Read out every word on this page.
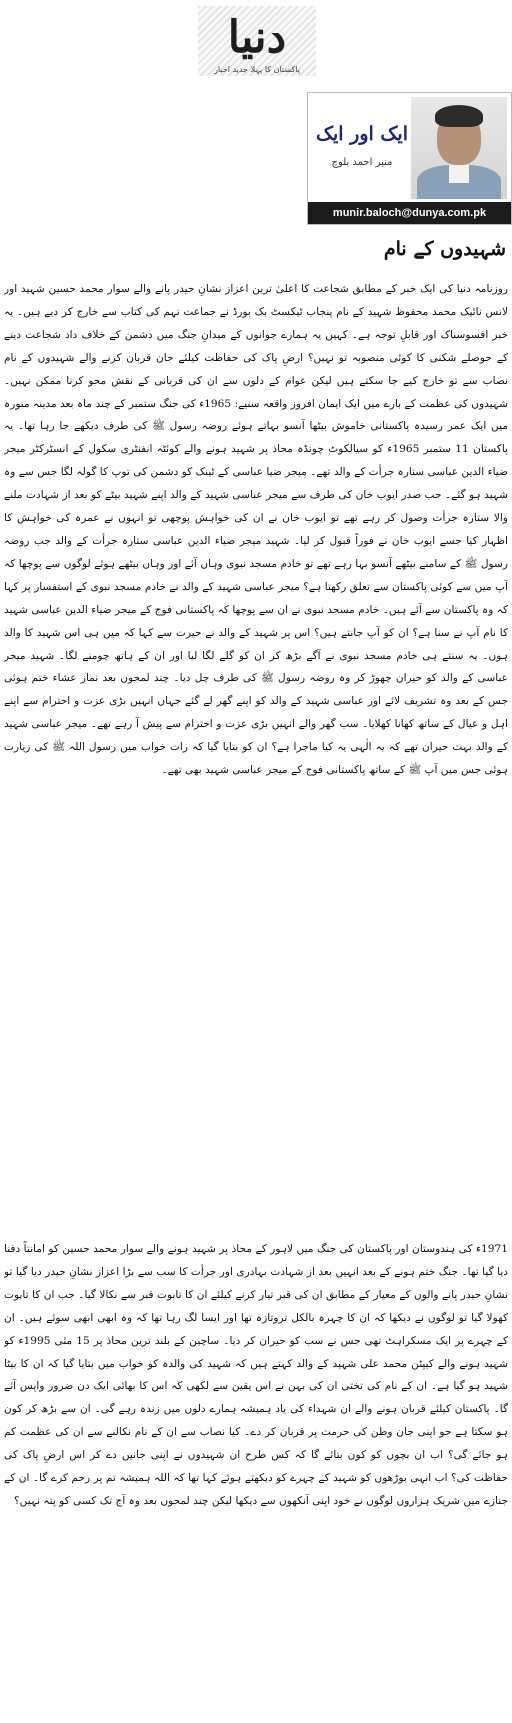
دنیا
پاکستان کا پہلا جدید اخبار
ایک اور ایک
منیر احمد بلوچ
munir.baloch@dunya.com.pk
شہیدوں کے نام
روزنامہ دنیا کی ایک خبر کے مطابق شجاعت کا اعلیٰ ترین اعزاز نشانِ حیدر پانے والے سوار محمد حسین شہید اور لانس نائیک محمد محفوظ شہید کے نام پنجاب ٹیکسٹ بک بورڈ نے جماعت نہم کی کتاب سے خارج کر دیے ہیں۔ یہ خبر افسوسناک اور قابلِ توجہ ہے۔ کہیں یہ ہمارے جوانوں کے میدانِ جنگ میں دشمن کے خلاف داد شجاعت دینے کے حوصلے شکنی کا کوئی منصوبہ تو نہیں؟ ارضِ پاک کی حفاظت کیلئے جان قربان کرنے والے شہیدوں کے نام نصاب سے تو خارج کیے جا سکتے ہیں لیکن عوام کے دلوں سے ان کی قربانی کے نقش محو کرنا ممکن نہیں۔ شہیدوں کی عظمت کے بارے میں ایک ایمان افروز واقعہ سنیے: 1965ء کی جنگ ستمبر کے چند ماہ بعد مدینہ منورہ میں ایک عمر رسیدہ پاکستانی خاموش بیٹھا آنسو بہاتے ہوئے روضہ رسول ﷺ کی طرف دیکھے جا رہا تھا۔ یہ پاکستان 11 ستمبر 1965ء کو سیالکوٹ چونڈہ محاذ پر شہید ہونے والے کوئٹہ انفنٹری سکول کے انسٹرکٹر میجر ضیاء الدین عباسی ستارہ جرأت کے والد تھے۔ میجر ضیا عباسی کے ٹینک کو دشمن کی توپ کا گولہ لگا جس سے وہ شہید ہو گئے۔ جب صدر ایوب خان کی طرف سے میجر عباسی شہید کے والد اپنے شہید بیٹے کو بعد از شہادت ملنے والا ستارہ جرأت وصول کر رہے تھے تو ایوب خان نے ان کی خواہش پوچھی تو انہوں نے عمرہ کی خواہش کا اظہار کیا جسے ایوب خان نے فوراً قبول کر لیا۔ شہید میجر ضیاء الدین عباسی ستارہ جرأت کے والد جب روضہ رسول ﷺ کے سامنے بیٹھے آنسو بہا رہے تھے تو خادم مسجد نبوی وہاں آئے اور وہاں بیٹھے ہوئے لوگوں سے پوچھا کہ آپ میں سے کوئی پاکستان سے تعلق رکھتا ہے؟ میجر عباسی شہید کے والد نے خادم مسجد نبوی کے استفسار پر کہا کہ وہ پاکستان سے آئے ہیں۔ خادم مسجد نبوی نے ان سے پوچھا کہ پاکستانی فوج کے میجر ضیاء الدین عباسی شہید کا نام آپ نے سنا ہے؟ ان کو آپ جانتے ہیں؟ اس پر شہید کے والد نے حیرت سے کہا کہ میں ہی اس شہید کا والد ہوں۔ یہ سنتے ہی خادم مسجد نبوی نے آگے بڑھ کر ان کو گلے لگا لیا اور ان کے ہاتھ چومنے لگا۔ شہید میجر عباسی کے والد کو حیران چھوڑ کر وہ روضہ رسول ﷺ کی طرف چل دیا۔ چند لمحوں بعد نماز عشاء ختم ہوئی جس کے بعد وہ تشریف لائے اور عباسی شہید کے والد کو اپنے گھر لے گئے جہاں انہیں بڑی عزت و احترام سے اپنے اہل و عیال کے ساتھ کھانا کھلایا۔ سب گھر والے انہیں بڑی عزت و احترام سے پیش آ رہے تھے۔ میجر عباسی شہید کے والد بہت حیران تھے کہ یہ الٰہی یہ کیا ماجرا ہے؟ ان کو بتایا گیا کہ رات خواب میں رسول اللہ ﷺ کی زیارت ہوئی جس میں آپ ﷺ کے ساتھ پاکستانی فوج کے میجر عباسی شہید بھی تھے۔
1971ء کی ہندوستان اور پاکستان کی جنگ میں لاہور کے محاذ پر شہید ہونے والے سوار محمد حسین کو امانتاً دفنا دیا گیا تھا۔ جنگ ختم ہونے کے بعد انہیں بعد از شہادت بہادری اور جرأت کا سب سے بڑا اعزاز نشانِ حیدر دیا گیا تو نشانِ حیدر پانے والوں کے معیار کے مطابق ان کی قبر تیار کرنے کیلئے ان کا تابوت قبر سے نکالا گیا۔ جب ان کا تابوت کھولا گیا تو لوگوں نے دیکھا کہ ان کا چہرہ بالکل تروتازہ تھا اور ایسا لگ رہا تھا کہ وہ ابھی ابھی سوئے ہیں۔ ان کے چہرے پر ایک مسکراہٹ تھی جس نے سب کو حیران کر دیا۔ ساچین کے بلند ترین محاذ پر 15 مئی 1995ء کو شہید ہونے والے کیپٹن محمد علی شہید کے والد کہتے ہیں کہ شہید کی والدہ کو خواب میں بتایا گیا کہ ان کا بیٹا شہید ہو گیا ہے۔ ان کے نام کی تختی ان کی بہن نے اس یقین سے لکھی کہ اس کا بھائی ایک دن ضرور واپس آئے گا۔ پاکستان کیلئے قربان ہونے والے ان شہداء کی یاد ہمیشہ ہمارے دلوں میں زندہ رہے گی۔ ان سے بڑھ کر کون ہو سکتا ہے جو اپنی جان وطن کی حرمت پر قربان کر دے۔ کیا نصاب سے ان کے نام نکالنے سے ان کی عظمت کم ہو جائے گی؟ اب ان بچوں کو کون بتائے گا کہ کس طرح ان شہیدوں نے اپنی جانیں دے کر اس ارضِ پاک کی حفاظت کی؟ اب انہی بوڑھوں کو شہید کے چہرے کو دیکھتے ہوئے کہا تھا کہ اللہ ہمیشہ تم پر رحم کرے گا۔ ان کے جنازے میں شریک ہزاروں لوگوں نے خود اپنی آنکھوں سے دیکھا لیکن چند لمحوں بعد وہ آج تک کسی کو پتہ نہیں؟
